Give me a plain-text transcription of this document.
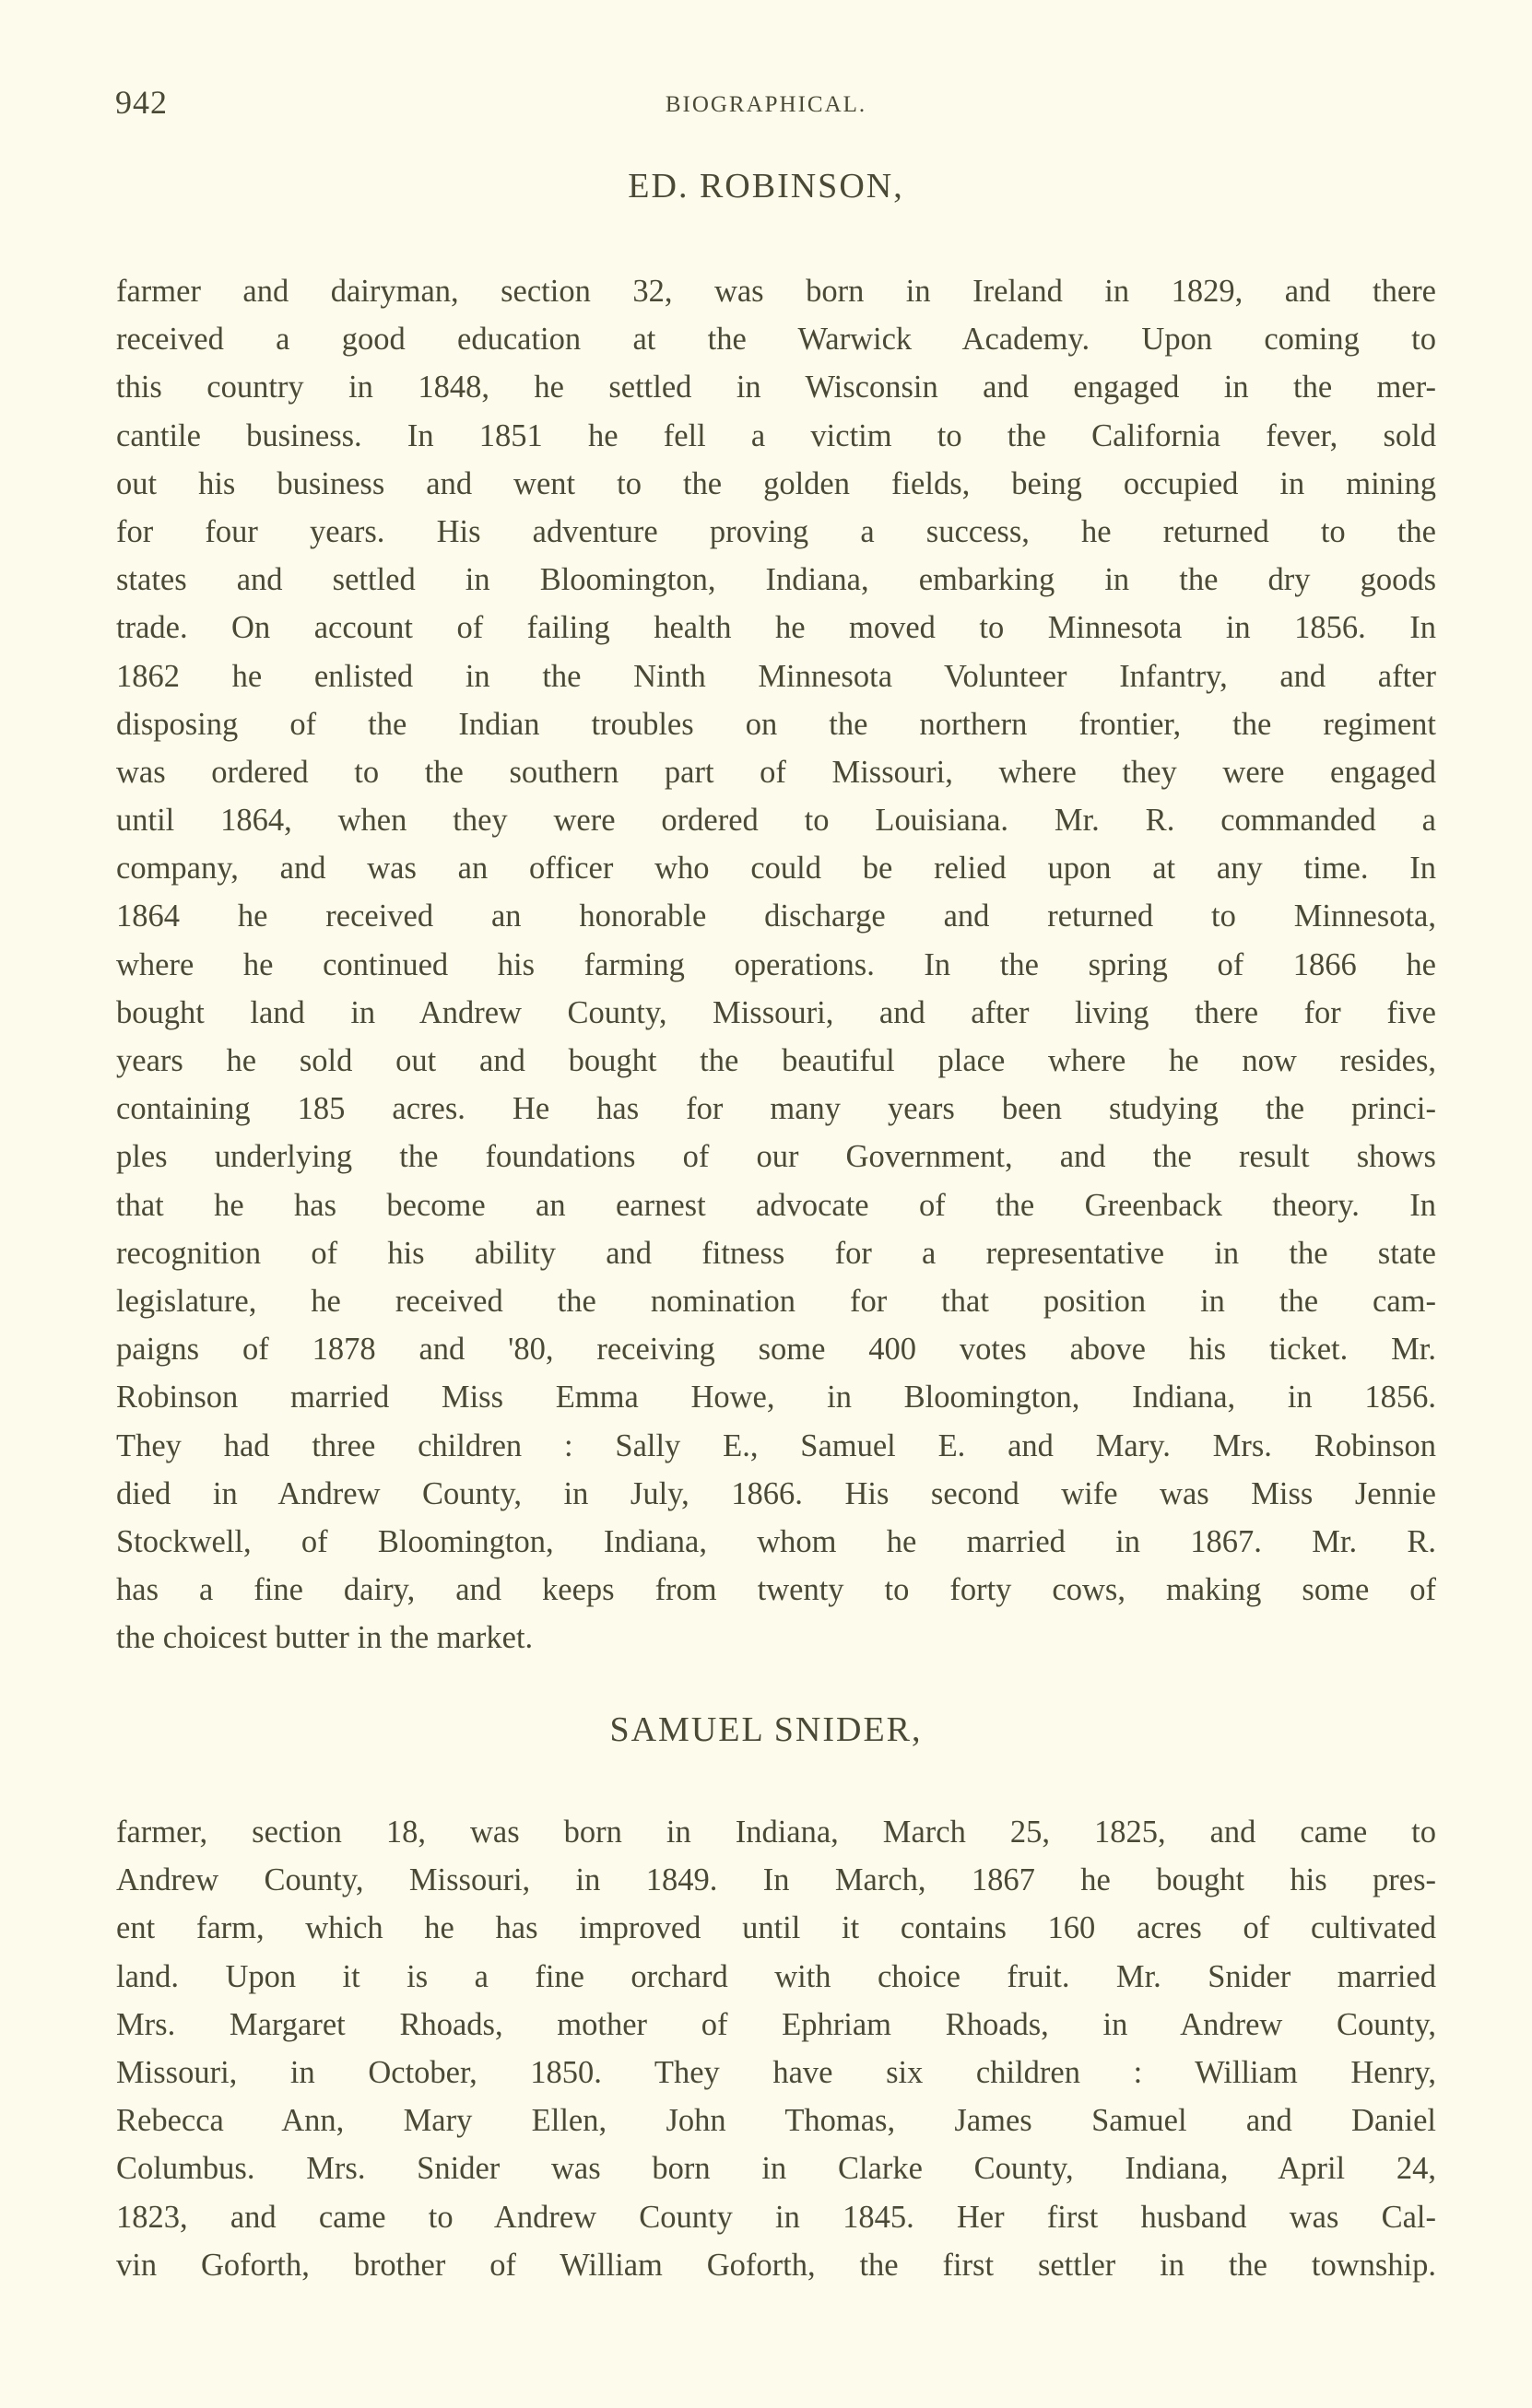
942	BIOGRAPHICAL.
ED. ROBINSON,
farmer and dairyman, section 32, was born in Ireland in 1829, and there
received a good education at the Warwick Academy. Upon coming to
this country in 1848, he settled in Wisconsin and engaged in the mer-
cantile business. In 1851 he fell a victim to the California fever, sold
out his business and went to the golden fields, being occupied in mining
for four years. His adventure proving a success, he returned to the
states and settled in Bloomington, Indiana, embarking in the dry goods
trade. On account of failing health he moved to Minnesota in 1856. In
1862 he enlisted in the Ninth Minnesota Volunteer Infantry, and after
disposing of the Indian troubles on the northern frontier, the regiment
was ordered to the southern part of Missouri, where they were engaged
until 1864, when they were ordered to Louisiana. Mr. R. commanded a
company, and was an officer who could be relied upon at any time. In
1864 he received an honorable discharge and returned to Minnesota,
where he continued his farming operations. In the spring of 1866 he
bought land in Andrew County, Missouri, and after living there for five
years he sold out and bought the beautiful place where he now resides,
containing 185 acres. He has for many years been studying the princi-
ples underlying the foundations of our Government, and the result shows
that he has become an earnest advocate of the Greenback theory. In
recognition of his ability and fitness for a representative in the state
legislature, he received the nomination for that position in the cam-
paigns of 1878 and '80, receiving some 400 votes above his ticket. Mr.
Robinson married Miss Emma Howe, in Bloomington, Indiana, in 1856.
They had three children : Sally E., Samuel E. and Mary. Mrs. Robinson
died in Andrew County, in July, 1866. His second wife was Miss Jennie
Stockwell, of Bloomington, Indiana, whom he married in 1867. Mr. R.
has a fine dairy, and keeps from twenty to forty cows, making some of
the choicest butter in the market.
SAMUEL SNIDER,
farmer, section 18, was born in Indiana, March 25, 1825, and came to
Andrew County, Missouri, in 1849. In March, 1867 he bought his pres-
ent farm, which he has improved until it contains 160 acres of cultivated
land. Upon it is a fine orchard with choice fruit. Mr. Snider married
Mrs. Margaret Rhoads, mother of Ephriam Rhoads, in Andrew County,
Missouri, in October, 1850. They have six children : William Henry,
Rebecca Ann, Mary Ellen, John Thomas, James Samuel and Daniel
Columbus. Mrs. Snider was born in Clarke County, Indiana, April 24,
1823, and came to Andrew County in 1845. Her first husband was Cal-
vin Goforth, brother of William Goforth, the first settler in the township.
